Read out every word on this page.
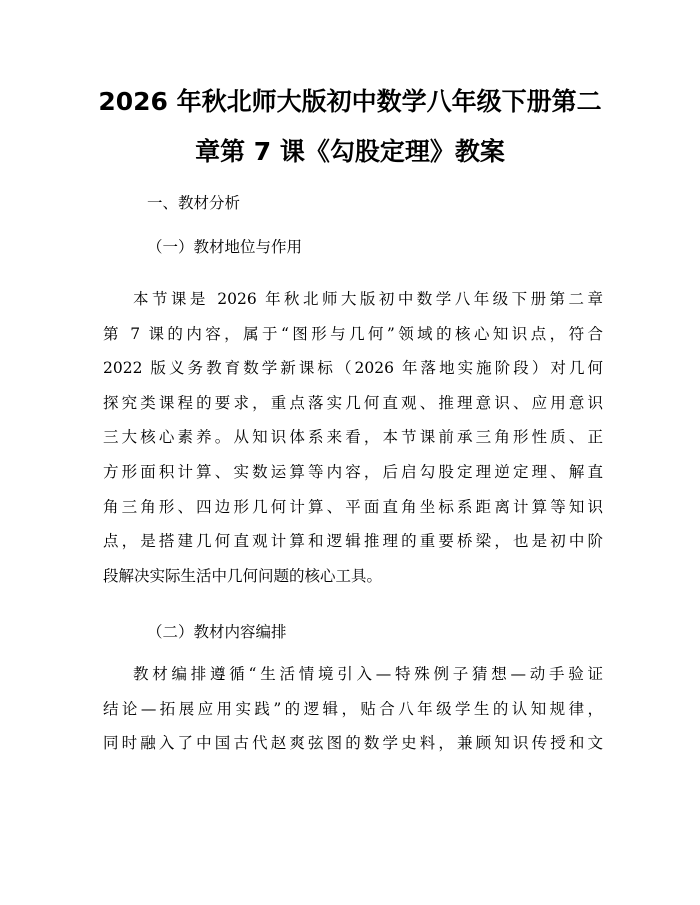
2026 年秋北师大版初中数学八年级下册第二
章第 7 课《勾股定理》教案
一、教材分析
（一）教材地位与作用
本节课是 2026 年秋北师大版初中数学八年级下册第二章
第 7 课的内容，属于“图形与几何”领域的核心知识点，符合
2022 版义务教育数学新课标（2026 年落地实施阶段）对几何
探究类课程的要求，重点落实几何直观、推理意识、应用意识
三大核心素养。从知识体系来看，本节课前承三角形性质、正
方形面积计算、实数运算等内容，后启勾股定理逆定理、解直
角三角形、四边形几何计算、平面直角坐标系距离计算等知识
点，是搭建几何直观计算和逻辑推理的重要桥梁，也是初中阶
段解决实际生活中几何问题的核心工具。
（二）教材内容编排
教材编排遵循“生活情境引入—特殊例子猜想—动手验证
结论—拓展应用实践”的逻辑，贴合八年级学生的认知规律，
同时融入了中国古代赵爽弦图的数学史料，兼顾知识传授和文
